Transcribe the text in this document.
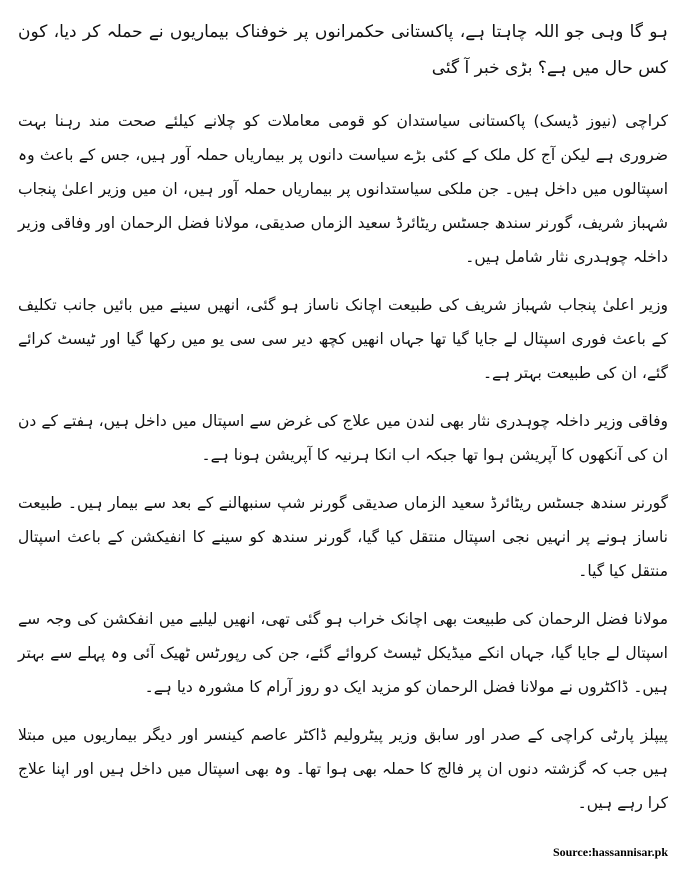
ہو گا وہی جو اللہ چاہتا ہے، پاکستانی حکمرانوں پر خوفناک بیماریوں نے حملہ کر دیا، کون کس حال میں ہے؟ بڑی خبر آ گئی

کراچی (نیوز ڈیسک) پاکستانی سیاستدان کو قومی معاملات کو چلانے کیلئے صحت مند رہنا بہت ضروری ہے لیکن آج کل ملک کے کئی بڑے سیاست دانوں پر بیماریاں حملہ آور ہیں، جس کے باعث وہ اسپتالوں میں داخل ہیں۔ جن ملکی سیاستدانوں پر بیماریاں حملہ آور ہیں، ان میں وزیر اعلیٰ پنجاب شہباز شریف، گورنر سندھ جسٹس ریٹائرڈ سعید الزماں صدیقی، مولانا فضل الرحمان اور وفاقی وزیر داخلہ چوہدری نثار شامل ہیں۔

وزیر اعلیٰ پنجاب شہباز شریف کی طبیعت اچانک ناساز ہو گئی، انھیں سینے میں بائیں جانب تکلیف کے باعث فوری اسپتال لے جایا گیا تھا جہاں انھیں کچھ دیر سی سی یو میں رکھا گیا اور ٹیسٹ کرائے گئے، ان کی طبیعت بہتر ہے۔

وفاقی وزیر داخلہ چوہدری نثار بھی لندن میں علاج کی غرض سے اسپتال میں داخل ہیں، ہفتے کے دن ان کی آنکھوں کا آپریشن ہوا تھا جبکہ اب انکا ہرنیہ کا آپریشن ہونا ہے۔

گورنر سندھ جسٹس ریٹائرڈ سعید الزماں صدیقی گورنر شپ سنبھالنے کے بعد سے بیمار ہیں۔ طبیعت ناساز ہونے پر انہیں نجی اسپتال منتقل کیا گیا، گورنر سندھ کو سینے کا انفیکشن کے باعث اسپتال منتقل کیا گیا۔

مولانا فضل الرحمان کی طبیعت بھی اچانک خراب ہو گئی تھی، انھیں لیلیے میں انفکشن کی وجہ سے اسپتال لے جایا گیا، جہاں انکے میڈیکل ٹیسٹ کروائے گئے، جن کی رپورٹس ٹھیک آئی وہ پہلے سے بہتر ہیں۔ ڈاکٹروں نے مولانا فضل الرحمان کو مزید ایک دو روز آرام کا مشورہ دیا ہے۔

پیپلز پارٹی کراچی کے صدر اور سابق وزیر پیٹرولیم ڈاکٹر عاصم کینسر اور دیگر بیماریوں میں مبتلا ہیں جب کہ گزشتہ دنوں ان پر فالج کا حملہ بھی ہوا تھا۔ وہ بھی اسپتال میں داخل ہیں اور اپنا علاج کرا رہے ہیں۔

Source:hassannisar.pk
